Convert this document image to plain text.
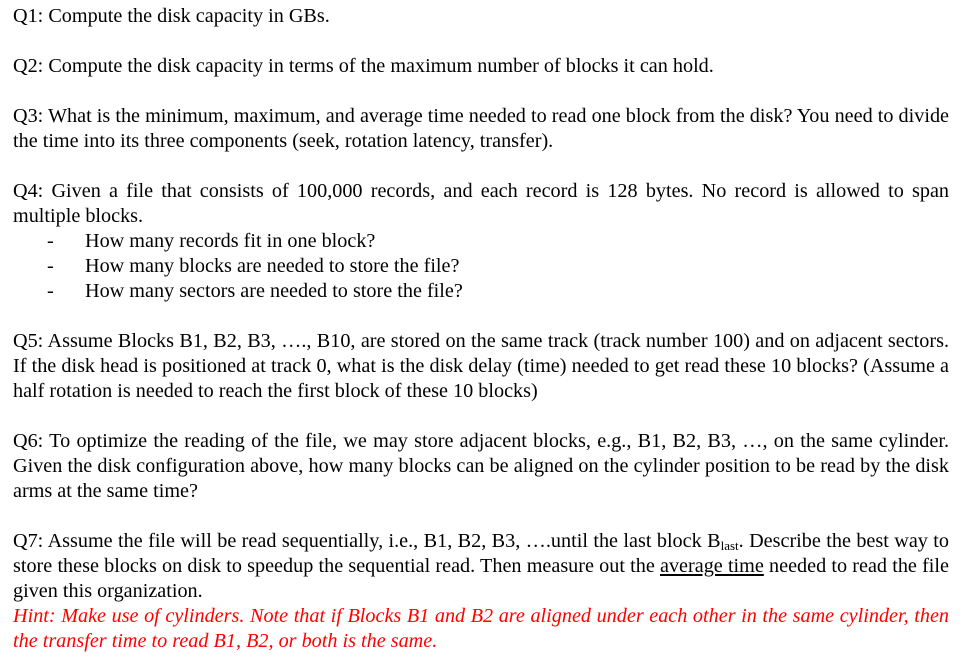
Q1: Compute the disk capacity in GBs.

Q2: Compute the disk capacity in terms of the maximum number of blocks it can hold.

Q3: What is the minimum, maximum, and average time needed to read one block from the disk? You need to divide the time into its three components (seek, rotation latency, transfer).

Q4: Given a file that consists of 100,000 records, and each record is 128 bytes. No record is allowed to span multiple blocks.

- How many records fit in one block?
- How many blocks are needed to store the file?
- How many sectors are needed to store the file?

Q5: Assume Blocks B1, B2, B3, …., B10, are stored on the same track (track number 100) and on adjacent sectors. If the disk head is positioned at track 0, what is the disk delay (time) needed to get read these 10 blocks? (Assume a half rotation is needed to reach the first block of these 10 blocks)

Q6: To optimize the reading of the file, we may store adjacent blocks, e.g., B1, B2, B3, …, on the same cylinder. Given the disk configuration above, how many blocks can be aligned on the cylinder position to be read by the disk arms at the same time?

Q7: Assume the file will be read sequentially, i.e., B1, B2, B3, ….until the last block $B_{last}$. Describe the best way to store these blocks on disk to speedup the sequential read. Then measure out the average time needed to read the file given this organization.

Hint: Make use of cylinders. Note that if Blocks B1 and B2 are aligned under each other in the same cylinder, then the transfer time to read B1, B2, or both is the same.
